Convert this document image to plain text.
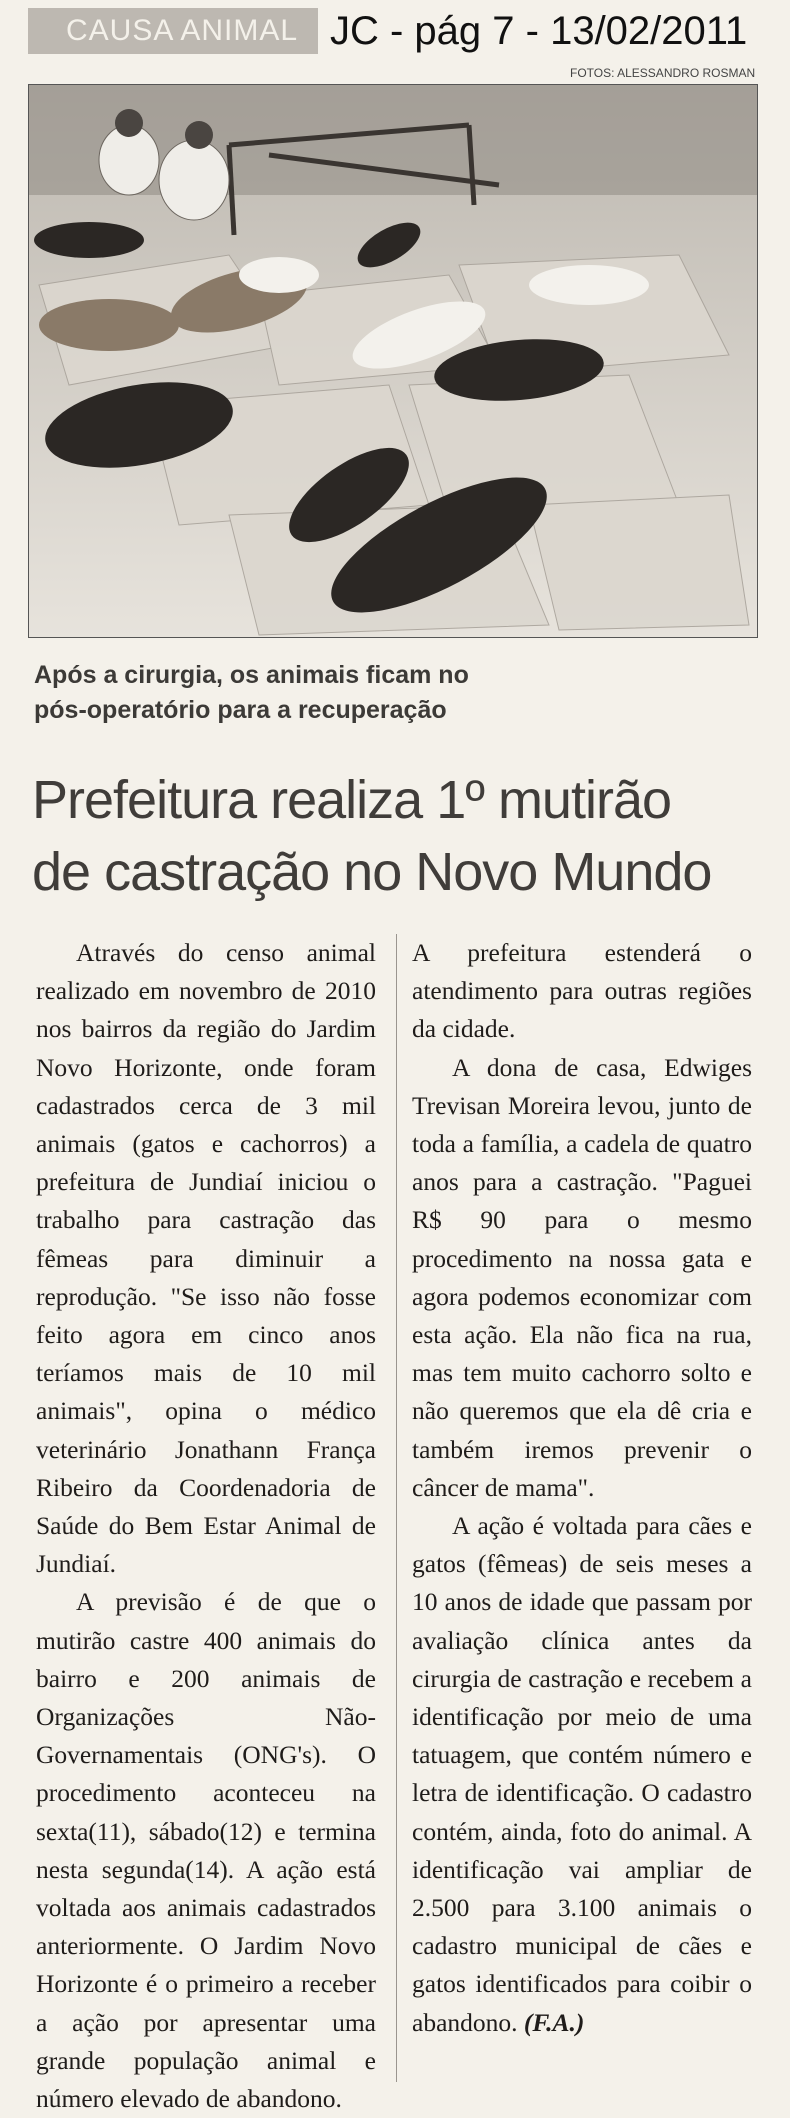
CAUSA ANIMAL JC - pág 7 - 13/02/2011
FOTOS: ALESSANDRO ROSMAN
Após a cirurgia, os animais ficam no
pós-operatório para a recuperação
Prefeitura realiza 1º mutirão
de castração no Novo Mundo

Através do censo animal realizado em novembro de 2010 nos bairros da região do Jardim Novo Horizonte, onde foram cadastrados cerca de 3 mil animais (gatos e cachorros) a prefeitura de Jundiaí iniciou o trabalho para castração das fêmeas para diminuir a reprodução. "Se isso não fosse feito agora em cinco anos teríamos mais de 10 mil animais", opina o médico veterinário Jonathann França Ribeiro da Coordenadoria de Saúde do Bem Estar Animal de Jundiaí.

A previsão é de que o mutirão castre 400 animais do bairro e 200 animais de Organizações Não-Governamentais (ONG's). O procedimento aconteceu na sexta(11), sábado(12) e termina nesta segunda(14). A ação está voltada aos animais cadastrados anteriormente. O Jardim Novo Horizonte é o primeiro a receber a ação por apresentar uma grande população animal e número elevado de abandono.

A prefeitura estenderá o atendimento para outras regiões da cidade.

A dona de casa, Edwiges Trevisan Moreira levou, junto de toda a família, a cadela de quatro anos para a castração. "Paguei R$ 90 para o mesmo procedimento na nossa gata e agora podemos economizar com esta ação. Ela não fica na rua, mas tem muito cachorro solto e não queremos que ela dê cria e também iremos prevenir o câncer de mama".

A ação é voltada para cães e gatos (fêmeas) de seis meses a 10 anos de idade que passam por avaliação clínica antes da cirurgia de castração e recebem a identificação por meio de uma tatuagem, que contém número e letra de identificação. O cadastro contém, ainda, foto do animal. A identificação vai ampliar de 2.500 para 3.100 animais o cadastro municipal de cães e gatos identificados para coibir o abandono. (F.A.)
